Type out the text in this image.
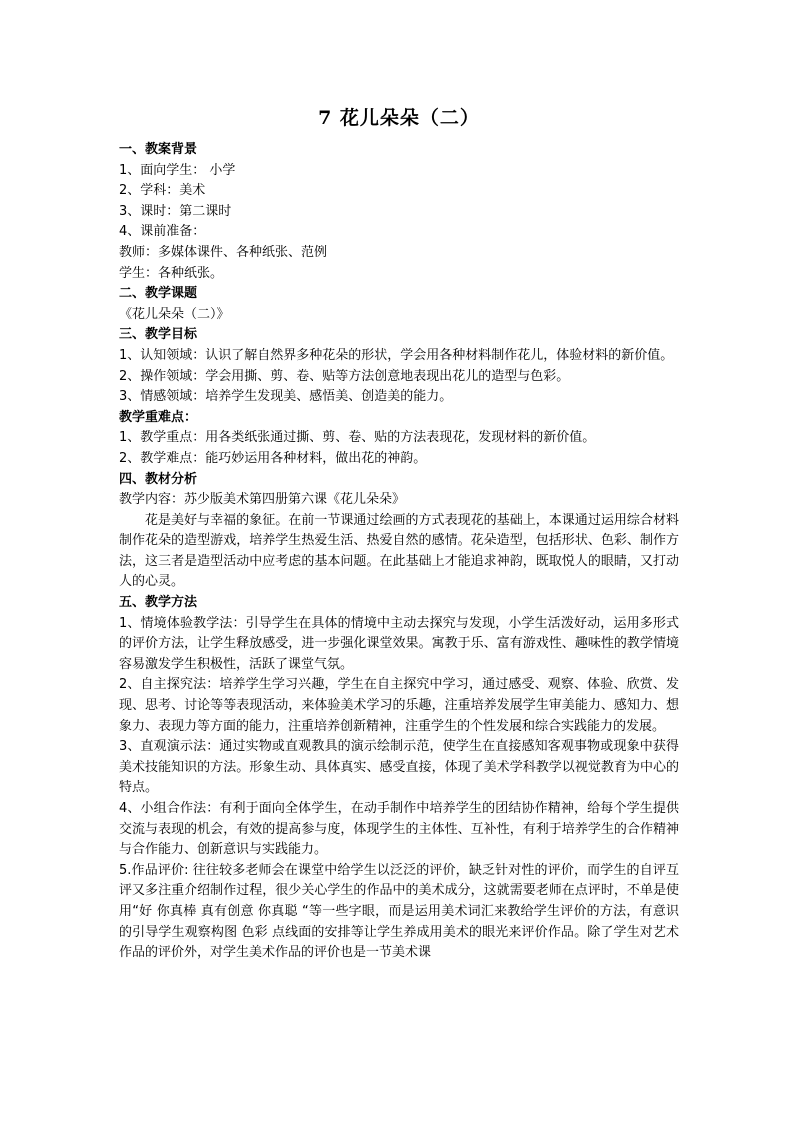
7 花儿朵朵（二）

一、教案背景

1、面向学生： 小学

2、学科：美术

3、课时：第二课时

4、课前准备：

教师：多媒体课件、各种纸张、范例

学生：各种纸张。

二、教学课题

《花儿朵朵（二）》

三、教学目标

1、认知领域：认识了解自然界多种花朵的形状，学会用各种材料制作花儿，体验材料的新价值。

2、操作领域：学会用撕、剪、卷、贴等方法创意地表现出花儿的造型与色彩。

3、情感领域：培养学生发现美、感悟美、创造美的能力。

教学重难点：

1、教学重点：用各类纸张通过撕、剪、卷、贴的方法表现花，发现材料的新价值。

2、教学难点：能巧妙运用各种材料，做出花的神韵。

四、教材分析

教学内容：苏少版美术第四册第六课《花儿朵朵》

花是美好与幸福的象征。在前一节课通过绘画的方式表现花的基础上，本课通过运用综合材料制作花朵的造型游戏，培养学生热爱生活、热爱自然的感情。花朵造型，包括形状、色彩、制作方法，这三者是造型活动中应考虑的基本问题。在此基础上才能追求神韵，既取悦人的眼睛，又打动人的心灵。

五、教学方法

1、情境体验教学法：引导学生在具体的情境中主动去探究与发现，小学生活泼好动，运用多形式的评价方法，让学生释放感受，进一步强化课堂效果。寓教于乐、富有游戏性、趣味性的教学情境容易激发学生积极性，活跃了课堂气氛。

2、自主探究法：培养学生学习兴趣，学生在自主探究中学习，通过感受、观察、体验、欣赏、发现、思考、讨论等等表现活动，来体验美术学习的乐趣，注重培养发展学生审美能力、感知力、想象力、表现力等方面的能力，注重培养创新精神，注重学生的个性发展和综合实践能力的发展。

3、直观演示法：通过实物或直观教具的演示绘制示范，使学生在直接感知客观事物或现象中获得美术技能知识的方法。形象生动、具体真实、感受直接，体现了美术学科教学以视觉教育为中心的特点。

4、小组合作法：有利于面向全体学生，在动手制作中培养学生的团结协作精神，给每个学生提供交流与表现的机会，有效的提高参与度，体现学生的主体性、互补性，有利于培养学生的合作精神与合作能力、创新意识与实践能力。

5.作品评价: 往往较多老师会在课堂中给学生以泛泛的评价，缺乏针对性的评价，而学生的自评互评又多注重介绍制作过程，很少关心学生的作品中的美术成分，这就需要老师在点评时，不单是使用“好 你真棒 真有创意 你真聪 “等一些字眼，而是运用美术词汇来教给学生评价的方法，有意识的引导学生观察构图 色彩 点线面的安排等让学生养成用美术的眼光来评价作品。除了学生对艺术作品的评价外，对学生美术作品的评价也是一节美术课
